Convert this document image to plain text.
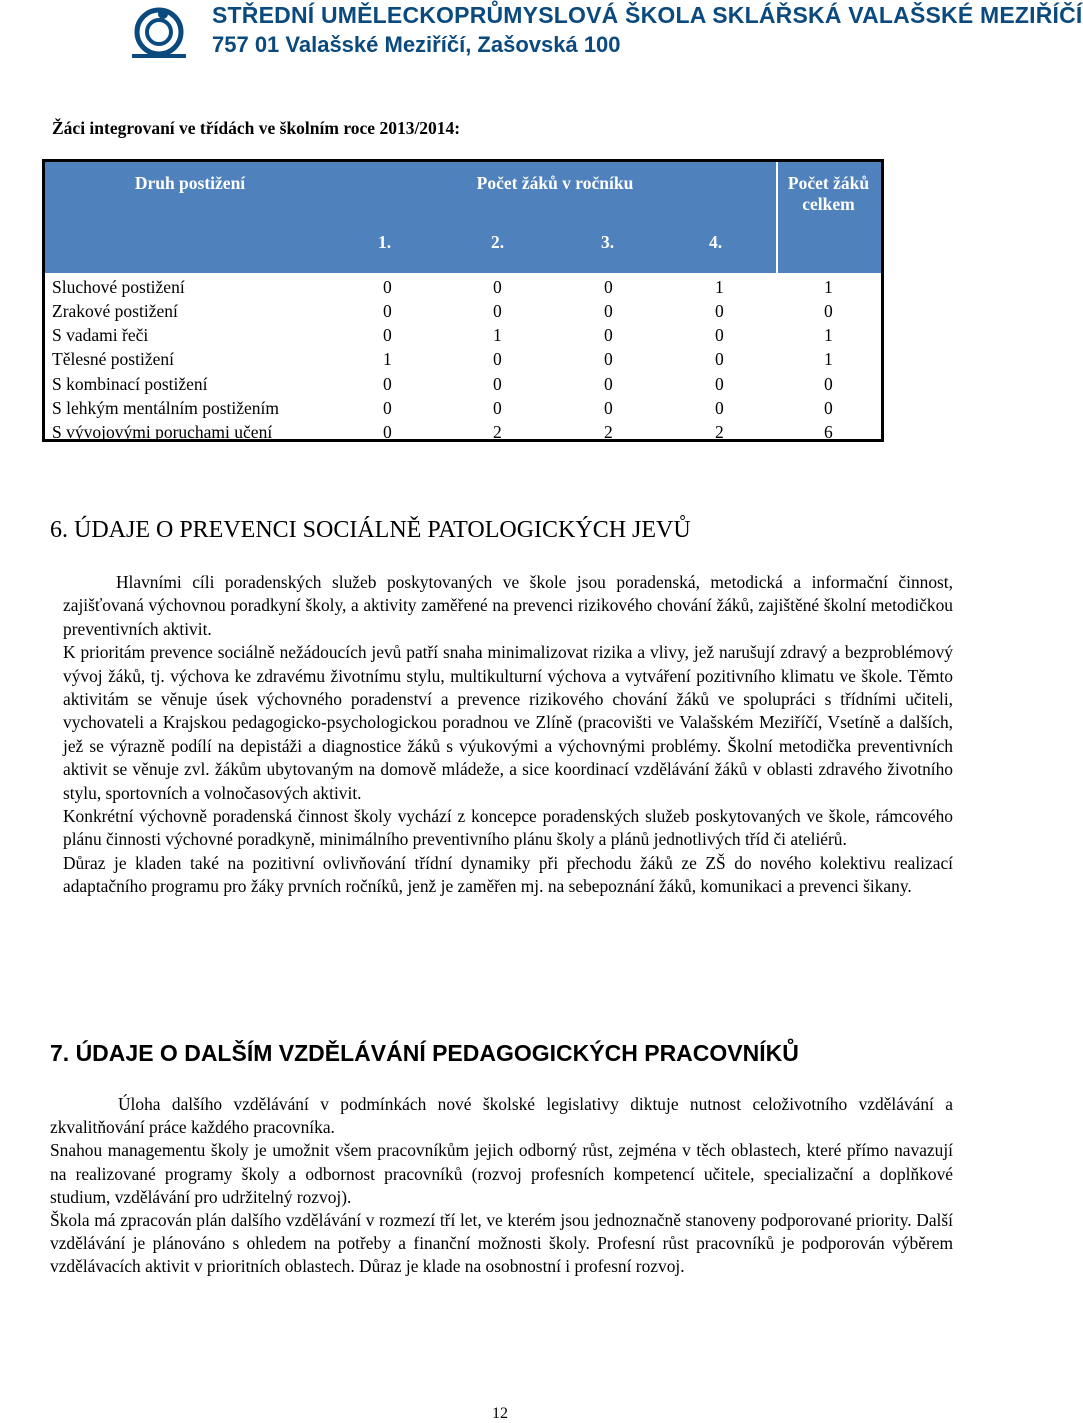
STŘEDNÍ UMĚLECKOPRŮMYSLOVÁ ŠKOLA SKLÁŘSKÁ VALAŠSKÉ MEZIŘÍČÍ
757 01 Valašské Meziříčí, Zašovská 100
Žáci integrovaní ve třídách ve školním roce 2013/2014:
Druh postižení	Počet žáků v ročníku	Počet žáků celkem
1.	2.	3.	4.
Sluchové postižení	0	0	0	1	1
Zrakové postižení	0	0	0	0	0
S vadami řeči	0	1	0	0	1
Tělesné postižení	1	0	0	0	1
S kombinací postižení	0	0	0	0	0
S lehkým mentálním postižením	0	0	0	0	0
S vývojovými poruchami učení	0	2	2	2	6
6. ÚDAJE O PREVENCI SOCIÁLNĚ PATOLOGICKÝCH JEVŮ

Hlavními cíli poradenských služeb poskytovaných ve škole jsou poradenská, metodická a informační činnost, zajišťovaná výchovnou poradkyní školy, a aktivity zaměřené na prevenci rizikového chování žáků, zajištěné školní metodičkou preventivních aktivit.

K prioritám prevence sociálně nežádoucích jevů patří snaha minimalizovat rizika a vlivy, jež narušují zdravý a bezproblémový vývoj žáků, tj. výchova ke zdravému životnímu stylu, multikulturní výchova a vytváření pozitivního klimatu ve škole. Těmto aktivitám se věnuje úsek výchovného poradenství a prevence rizikového chování žáků ve spolupráci s třídními učiteli, vychovateli a Krajskou pedagogicko-psychologickou poradnou ve Zlíně (pracovišti ve Valašském Meziříčí, Vsetíně a dalších, jež se výrazně podílí na depistáži a diagnostice žáků s výukovými a výchovnými problémy. Školní metodička preventivních aktivit se věnuje zvl. žákům ubytovaným na domově mládeže, a sice koordinací vzdělávání žáků v oblasti zdravého životního stylu, sportovních a volnočasových aktivit.

Konkrétní výchovně poradenská činnost školy vychází z koncepce poradenských služeb poskytovaných ve škole, rámcového plánu činnosti výchovné poradkyně, minimálního preventivního plánu školy a plánů jednotlivých tříd či ateliérů.

Důraz je kladen také na pozitivní ovlivňování třídní dynamiky při přechodu žáků ze ZŠ do nového kolektivu realizací adaptačního programu pro žáky prvních ročníků, jenž je zaměřen mj. na sebepoznání žáků, komunikaci a prevenci šikany.

7. ÚDAJE O DALŠÍM VZDĚLÁVÁNÍ PEDAGOGICKÝCH PRACOVNÍKŮ

Úloha dalšího vzdělávání v podmínkách nové školské legislativy diktuje nutnost celoživotního vzdělávání a zkvalitňování práce každého pracovníka.

Snahou managementu školy je umožnit všem pracovníkům jejich odborný růst, zejména v těch oblastech, které přímo navazují na realizované programy školy a odbornost pracovníků (rozvoj profesních kompetencí učitele, specializační a doplňkové studium, vzdělávání pro udržitelný rozvoj).

Škola má zpracován plán dalšího vzdělávání v rozmezí tří let, ve kterém jsou jednoznačně stanoveny podporované priority. Další vzdělávání je plánováno s ohledem na potřeby a finanční možnosti školy. Profesní růst pracovníků je podporován výběrem vzdělávacích aktivit v prioritních oblastech. Důraz je klade na osobnostní i profesní rozvoj.

12
